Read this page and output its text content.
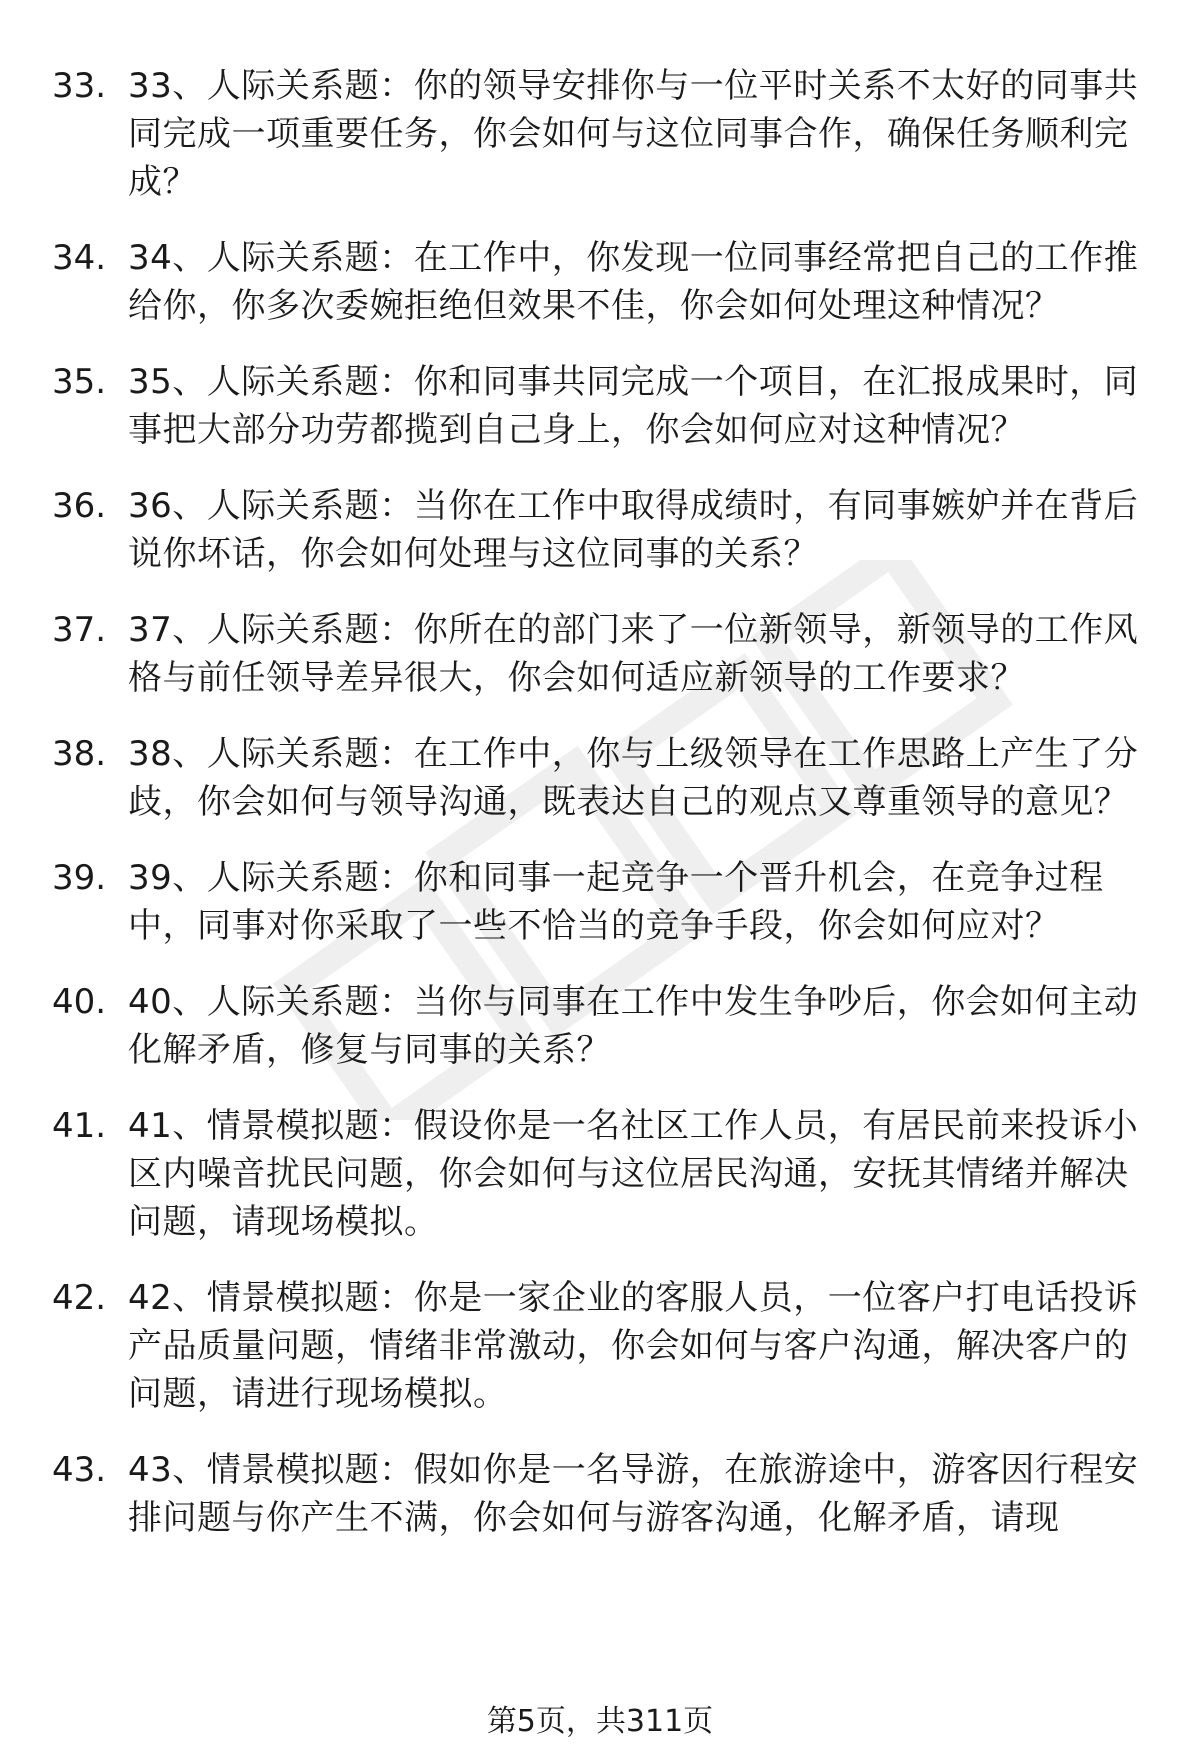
33. 33、人际关系题：你的领导安排你与一位平时关系不太好的同事共同完成一项重要任务，你会如何与这位同事合作，确保任务顺利完成？
34. 34、人际关系题：在工作中，你发现一位同事经常把自己的工作推给你，你多次委婉拒绝但效果不佳，你会如何处理这种情况？
35. 35、人际关系题：你和同事共同完成一个项目，在汇报成果时，同事把大部分功劳都揽到自己身上，你会如何应对这种情况？
36. 36、人际关系题：当你在工作中取得成绩时，有同事嫉妒并在背后说你坏话，你会如何处理与这位同事的关系？
37. 37、人际关系题：你所在的部门来了一位新领导，新领导的工作风格与前任领导差异很大，你会如何适应新领导的工作要求？
38. 38、人际关系题：在工作中，你与上级领导在工作思路上产生了分歧，你会如何与领导沟通，既表达自己的观点又尊重领导的意见？
39. 39、人际关系题：你和同事一起竞争一个晋升机会，在竞争过程中，同事对你采取了一些不恰当的竞争手段，你会如何应对？
40. 40、人际关系题：当你与同事在工作中发生争吵后，你会如何主动化解矛盾，修复与同事的关系？
41. 41、情景模拟题：假设你是一名社区工作人员，有居民前来投诉小区内噪音扰民问题，你会如何与这位居民沟通，安抚其情绪并解决问题，请现场模拟。
42. 42、情景模拟题：你是一家企业的客服人员，一位客户打电话投诉产品质量问题，情绪非常激动，你会如何与客户沟通，解决客户的问题，请进行现场模拟。
43. 43、情景模拟题：假如你是一名导游，在旅游途中，游客因行程安排问题与你产生不满，你会如何与游客沟通，化解矛盾，请现
第5页，共311页
